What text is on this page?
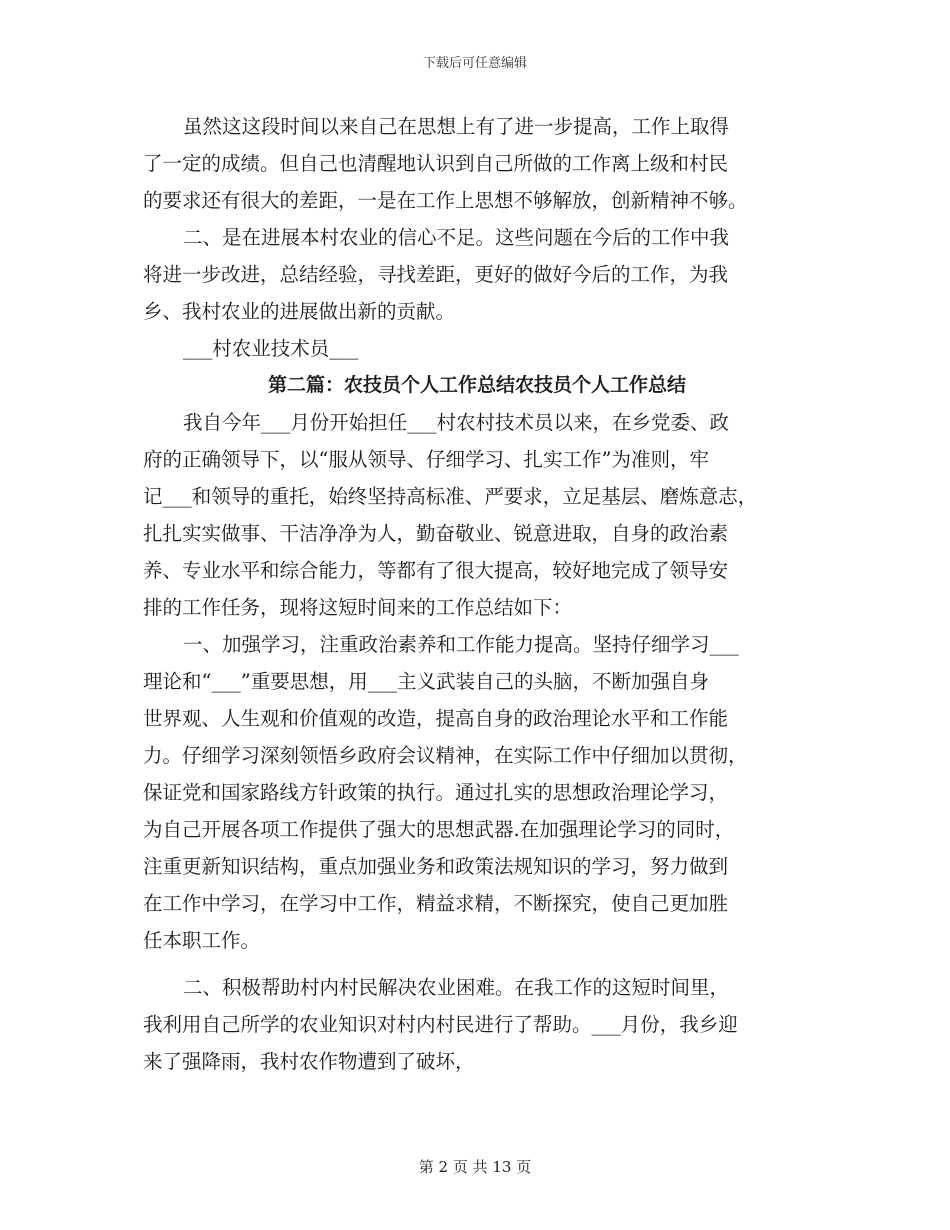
下载后可任意编辑
虽然这这段时间以来自己在思想上有了进一步提高，工作上取得
了一定的成绩。但自己也清醒地认识到自己所做的工作离上级和村民
的要求还有很大的差距，一是在工作上思想不够解放，创新精神不够。
二、是在进展本村农业的信心不足。这些问题在今后的工作中我
将进一步改进，总结经验，寻找差距，更好的做好今后的工作，为我
乡、我村农业的进展做出新的贡献。
___村农业技术员___
第二篇：农技员个人工作总结农技员个人工作总结
我自今年___月份开始担任___村农村技术员以来，在乡党委、政
府的正确领导下，以“服从领导、仔细学习、扎实工作”为准则，牢
记___和领导的重托，始终坚持高标准、严要求，立足基层、磨炼意志，
扎扎实实做事、干洁净净为人，勤奋敬业、锐意进取，自身的政治素
养、专业水平和综合能力，等都有了很大提高，较好地完成了领导安
排的工作任务，现将这短时间来的工作总结如下：
一、加强学习，注重政治素养和工作能力提高。坚持仔细学习___
理论和“___”重要思想，用___主义武装自己的头脑，不断加强自身
世界观、人生观和价值观的改造，提高自身的政治理论水平和工作能
力。仔细学习深刻领悟乡政府会议精神，在实际工作中仔细加以贯彻，
保证党和国家路线方针政策的执行。通过扎实的思想政治理论学习，
为自己开展各项工作提供了强大的思想武器.在加强理论学习的同时，
注重更新知识结构，重点加强业务和政策法规知识的学习，努力做到
在工作中学习，在学习中工作，精益求精，不断探究，使自己更加胜
任本职工作。
二、积极帮助村内村民解决农业困难。在我工作的这短时间里，
我利用自己所学的农业知识对村内村民进行了帮助。___月份，我乡迎
来了强降雨，我村农作物遭到了破坏，
第 2 页 共 13 页
